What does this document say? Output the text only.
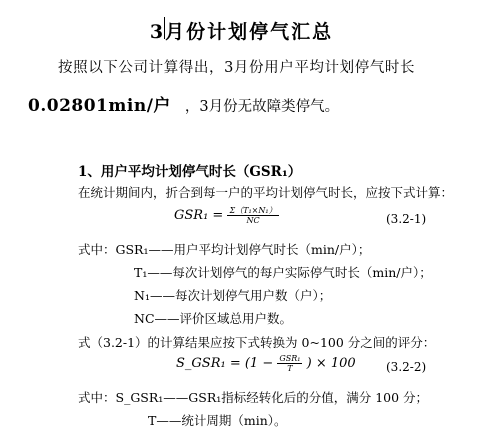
3月份计划停气汇总
按照以下公司计算得出，3月份用户平均计划停气时长
0.02801min/户 ，3月份无故障类停气。
1、用户平均计划停气时长（GSR₁）
在统计期间内，折合到每一户的平均计划停气时长，应按下式计算：
$GSR_1 = \frac{\text{Σ（T₁×N₁）}}{NC}$	(3.2-1)
式中：GSR₁——用户平均计划停气时长（min/户）；
T₁——每次计划停气的每户实际停气时长（min/户）；
N₁——每次计划停气用户数（户）；
NC——评价区域总用户数。
式（3.2-1）的计算结果应按下式转换为 0~100 分之间的评分：
S_GSR₁ = ($1 - \frac{\text{GSR₁}}{T}$ ) × 100	(3.2-2)
式中：S_GSR₁——GSR₁指标经转化后的分值，满分 100 分；
T——统计周期（min）。
